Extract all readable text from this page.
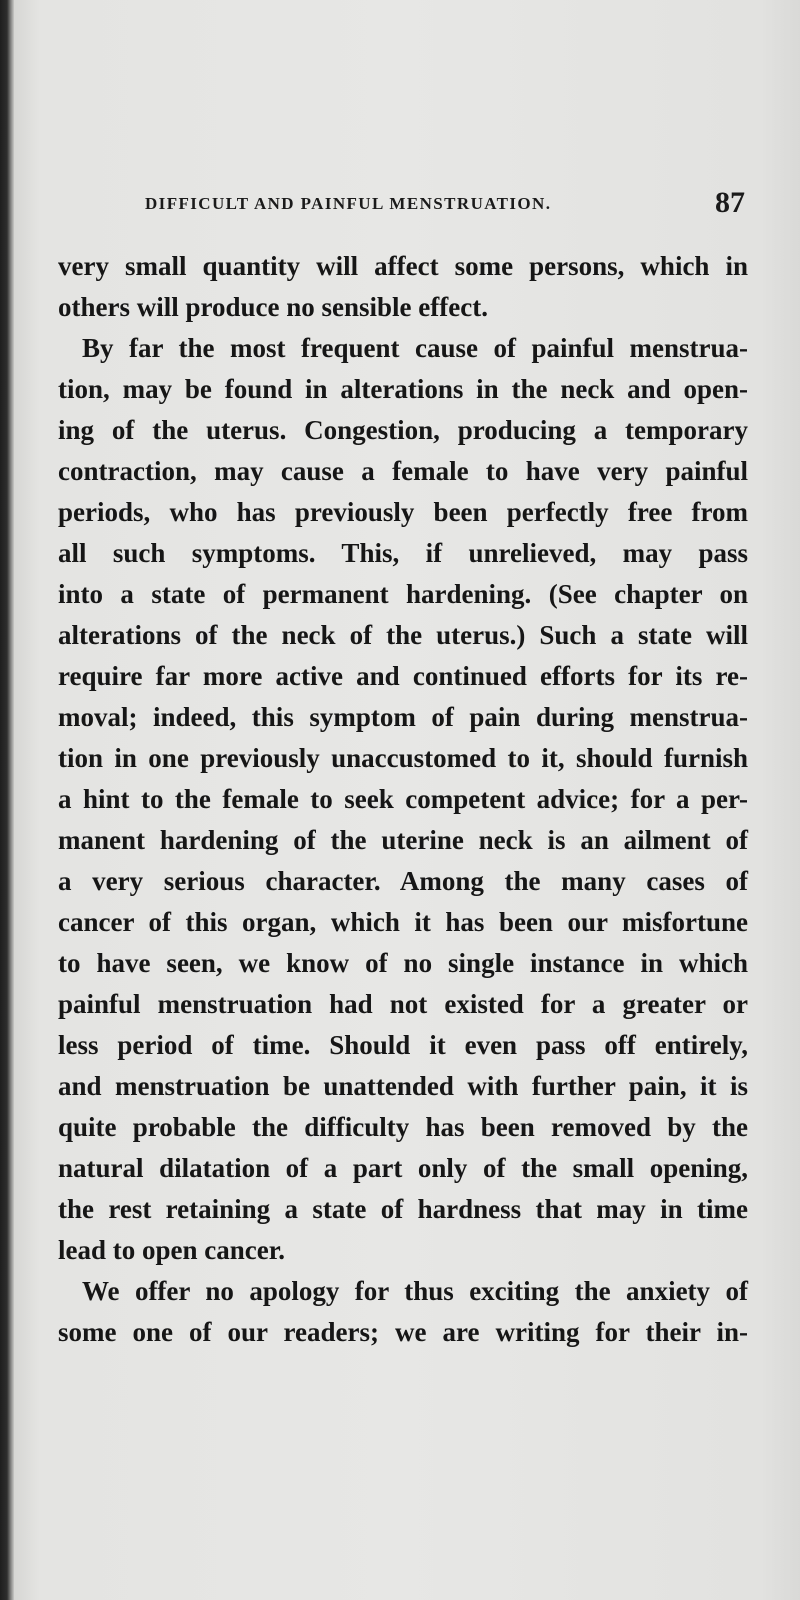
DIFFICULT AND PAINFUL MENSTRUATION.	87
very small quantity will affect some persons, which in
others will produce no sensible effect.
By far the most frequent cause of painful menstrua-
tion, may be found in alterations in the neck and open-
ing of the uterus. Congestion, producing a temporary
contraction, may cause a female to have very painful
periods, who has previously been perfectly free from
all such symptoms. This, if unrelieved, may pass
into a state of permanent hardening. (See chapter on
alterations of the neck of the uterus.) Such a state will
require far more active and continued efforts for its re-
moval; indeed, this symptom of pain during menstrua-
tion in one previously unaccustomed to it, should furnish
a hint to the female to seek competent advice; for a per-
manent hardening of the uterine neck is an ailment of
a very serious character. Among the many cases of
cancer of this organ, which it has been our misfortune
to have seen, we know of no single instance in which
painful menstruation had not existed for a greater or
less period of time. Should it even pass off entirely,
and menstruation be unattended with further pain, it is
quite probable the difficulty has been removed by the
natural dilatation of a part only of the small opening,
the rest retaining a state of hardness that may in time
lead to open cancer.
We offer no apology for thus exciting the anxiety of
some one of our readers; we are writing for their in-
